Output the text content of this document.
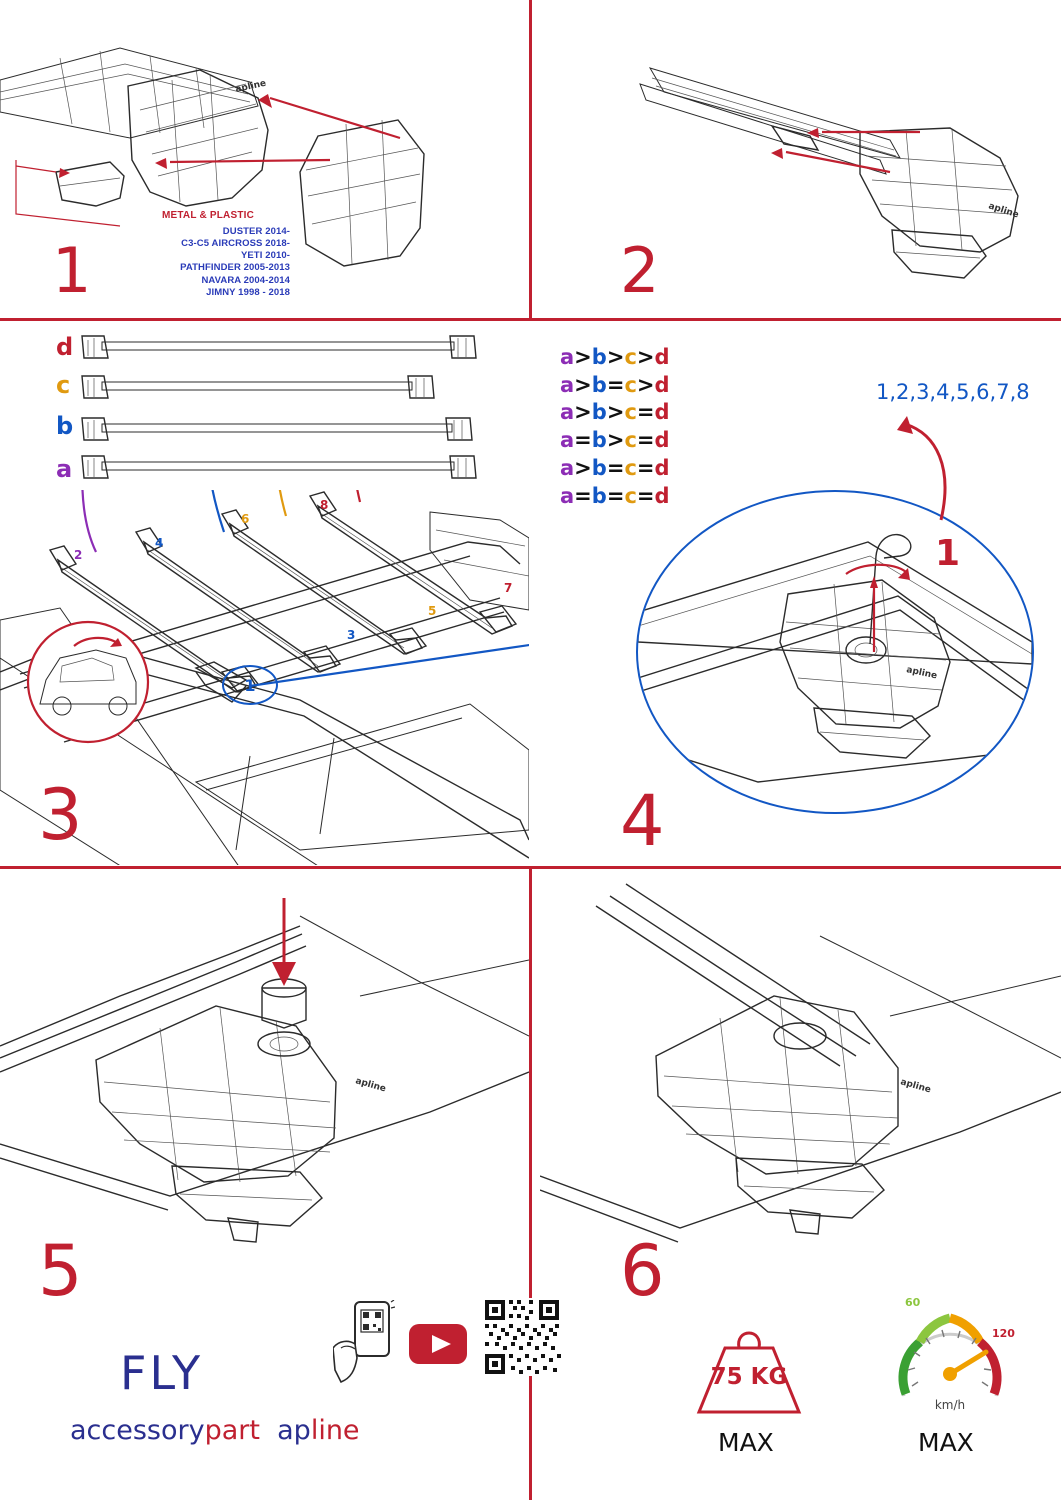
apline
METAL & PLASTIC
DUSTER 2014-
C3-C5 AIRCROSS 2018-
YETI 2010-
PATHFINDER 2005-2013
NAVARA 2004-2014
JIMNY 1998 - 2018
1
apline
2
d
c
b
a
a>b>c>d
a>b=c>d
a>b>c=d
a=b>c=d
a>b=c=d
a=b=c=d
1,2,3,4,5,6,7,8
2
4
6
8
3
5
7
1
3
apline
1
4
apline
5
FLY
accessorypart apline
apline
6
75 KG
MAX
60
120
km/h
MAX
